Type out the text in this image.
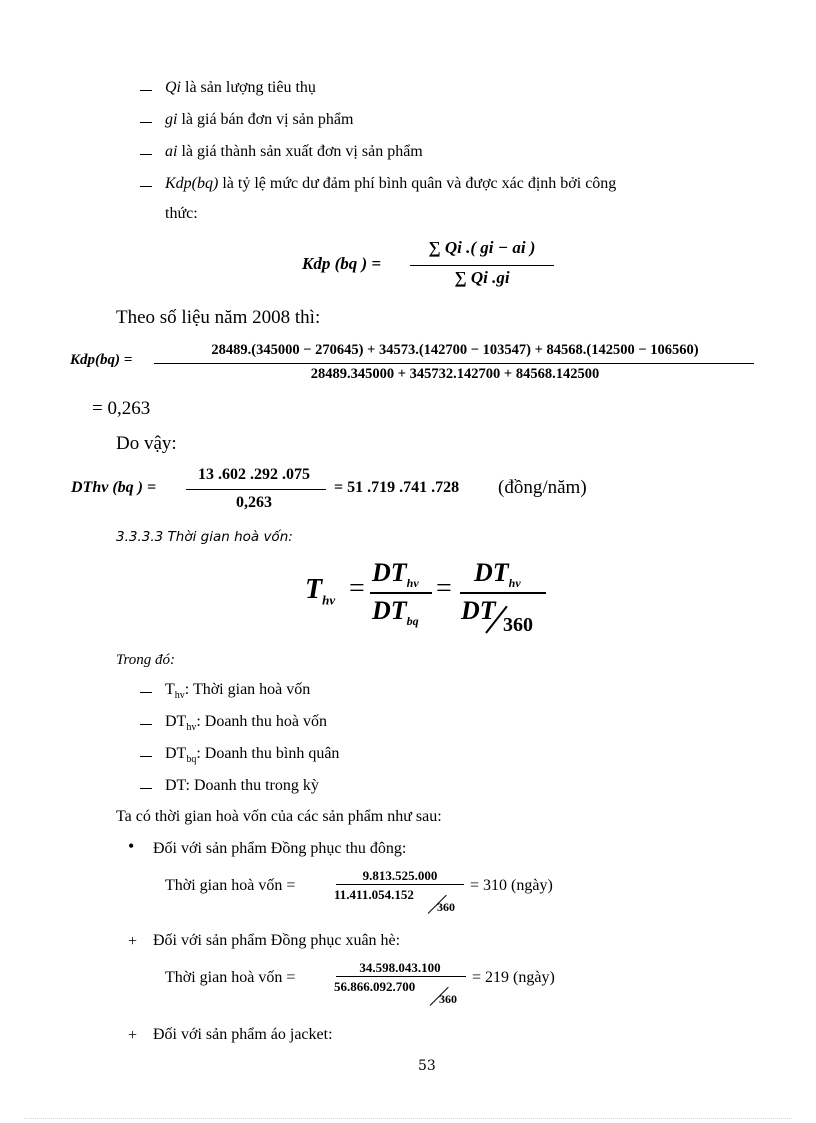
Qi là sản lượng tiêu thụ
gi là giá bán đơn vị sản phẩm
ai là giá thành sản xuất đơn vị sản phẩm
Kdp(bq) là tỷ lệ mức dư đảm phí bình quân và được xác định bởi công
thức:
Kdp (bq ) =
∑ Qi .( gi − ai )
∑ Qi .gi
Theo số liệu năm 2008 thì:
Kdp(bq) =
28489.(345000 − 270645) + 34573.(142700 − 103547) + 84568.(142500 − 106560)
28489.345000 + 345732.142700 + 84568.142500
= 0,263
Do vậy:
DThv (bq ) =
13 .602 .292 .075
0,263
= 51 .719 .741 .728 (đồng/năm)
3.3.3.3 Thời gian hoà vốn:
$T_{hv}$ =
$DT_{hv}$
$DT_{bq}$
=
$DT_{hv}$
DT 360
Trong đó:
$T_{hv}$: Thời gian hoà vốn
$DT_{hv}$: Doanh thu hoà vốn
$DT_{bq}$: Doanh thu bình quân
DT: Doanh thu trong kỳ
Ta có thời gian hoà vốn của các sản phẩm như sau:
• Đối với sản phẩm Đồng phục thu đông:
Thời gian hoà vốn =
9.813.525.000
11.411.054.152
360
= 310 (ngày)
+ Đối với sản phẩm Đồng phục xuân hè:
Thời gian hoà vốn =
34.598.043.100
56.866.092.700
360
= 219 (ngày)
+ Đối với sản phẩm áo jacket:
53
